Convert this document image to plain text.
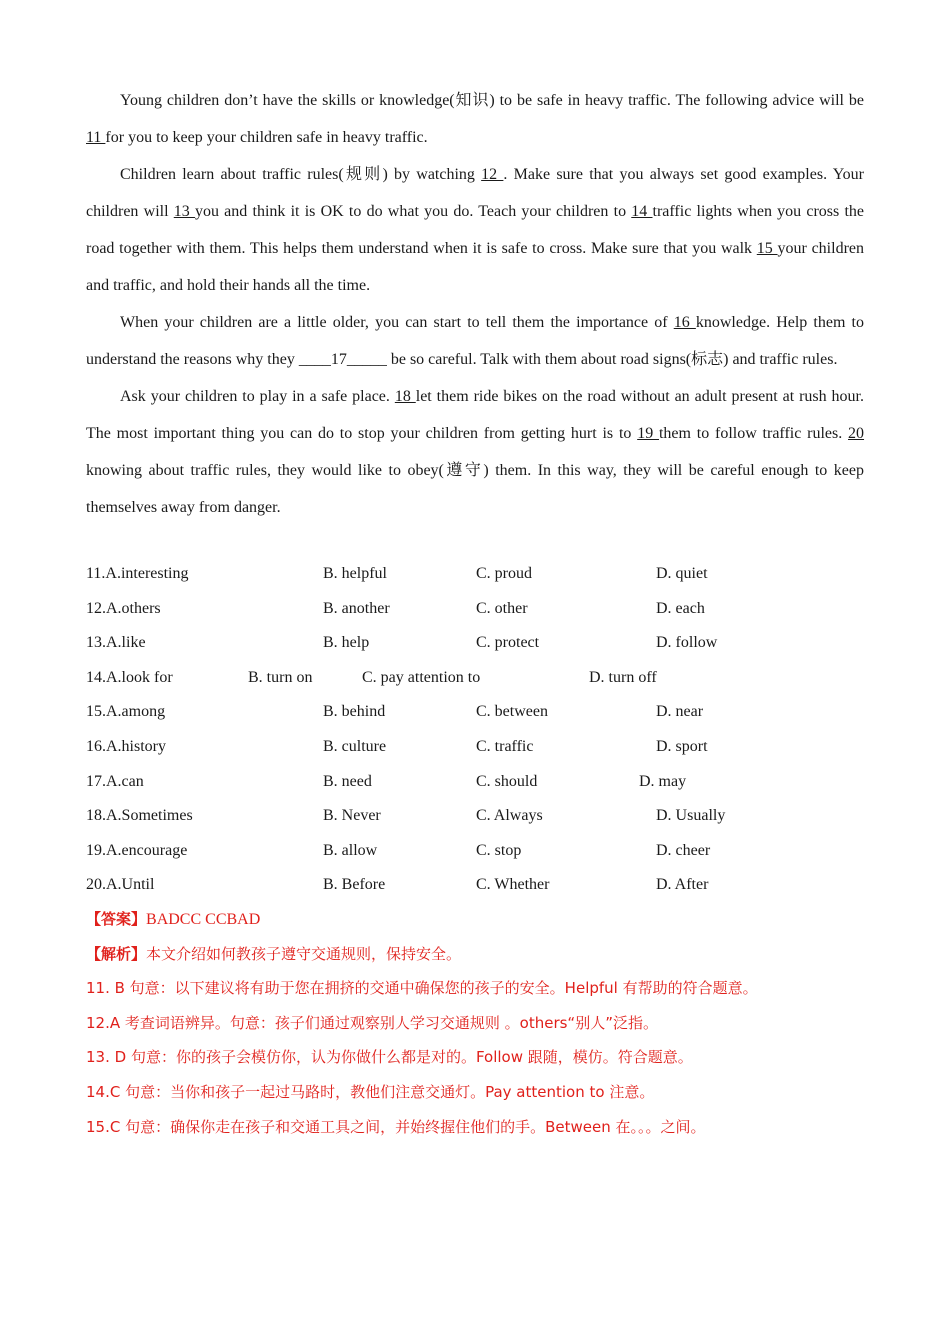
Young children don’t have the skills or knowledge(知识) to be safe in heavy traffic. The following advice will be 11 for you to keep your children safe in heavy traffic.

Children learn about traffic rules(规则) by watching 12 . Make sure that you always set good examples. Your children will 13 you and think it is OK to do what you do. Teach your children to 14 traffic lights when you cross the road together with them. This helps them understand when it is safe to cross. Make sure that you walk 15 your children and traffic, and hold their hands all the time.

When your children are a little older, you can start to tell them the importance of 16 knowledge. Help them to understand the reasons why they ____17_____ be so careful. Talk with them about road signs(标志) and traffic rules.

Ask your children to play in a safe place. 18 let them ride bikes on the road without an adult present at rush hour. The most important thing you can do to stop your children from getting hurt is to 19 them to follow traffic rules. 20 knowing about traffic rules, they would like to obey(遵守) them. In this way, they will be careful enough to keep themselves away from danger.

11.A.interesting	B. helpful	C. proud	D. quiet
12.A.others	B. another	C. other	D. each
13.A.like	B. help	C. protect	D. follow
14.A.look for	B. turn on	C. pay attention to	D. turn off
15.A.among	B. behind	C. between	D. near
16.A.history	B. culture	C. traffic	D. sport
17.A.can	B. need	C. should	D. may
18.A.Sometimes	B. Never	C. Always	D. Usually
19.A.encourage	B. allow	C. stop	D. cheer
20.A.Until	B. Before	C. Whether	D. After
【答案】BADCC CCBAD
【解析】本文介绍如何教孩子遵守交通规则，保持安全。
11. B 句意：以下建议将有助于您在拥挤的交通中确保您的孩子的安全。Helpful 有帮助的符合题意。
12.A 考查词语辨异。句意：孩子们通过观察别人学习交通规则 。others“别人”泛指。
13. D 句意：你的孩子会模仿你，认为你做什么都是对的。Follow 跟随，模仿。符合题意。
14.C 句意：当你和孩子一起过马路时，教他们注意交通灯。Pay attention to 注意。
15.C 句意：确保你走在孩子和交通工具之间，并始终握住他们的手。Between 在。。。之间。
